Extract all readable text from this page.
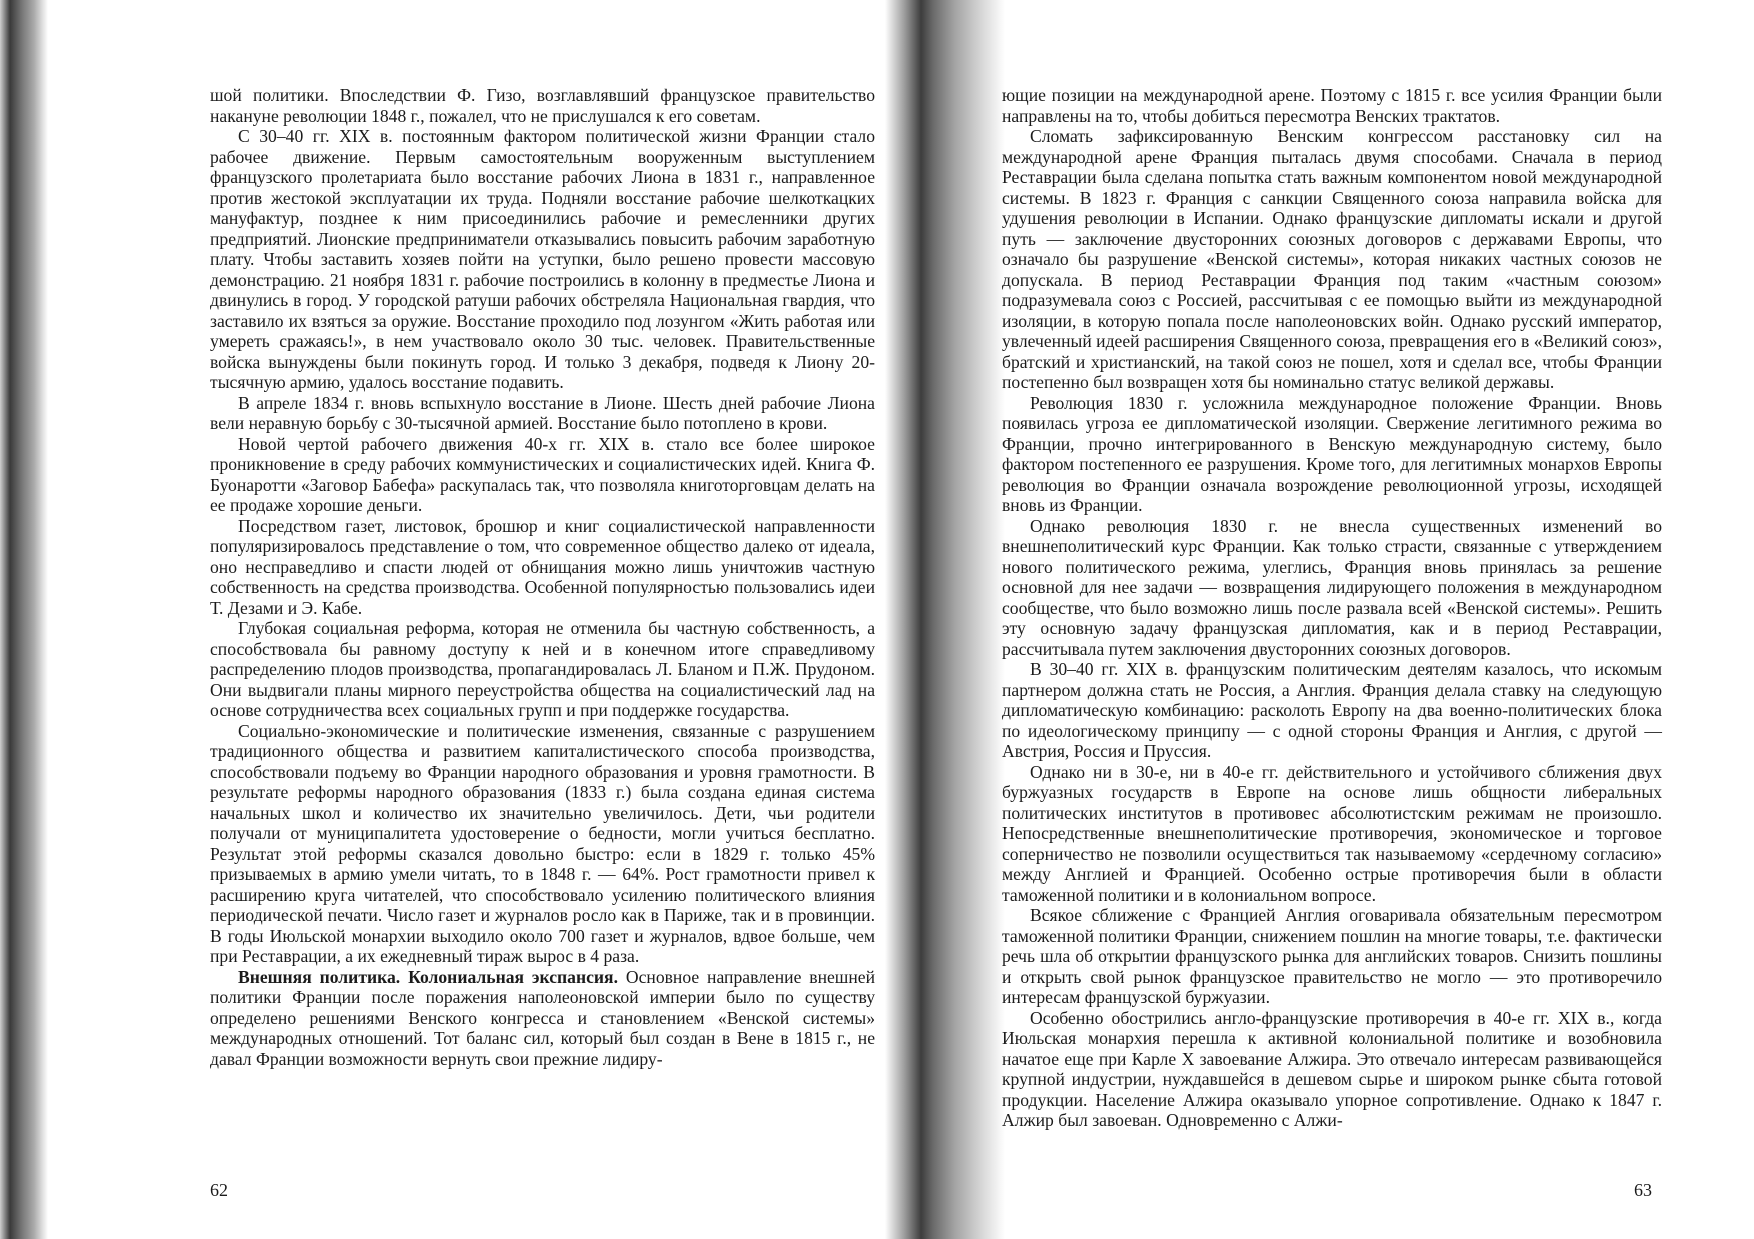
шой политики. Впоследствии Ф. Гизо, возглавлявший французское правительство накануне революции 1848 г., пожалел, что не прислушался к его советам.

С 30–40 гг. XIX в. постоянным фактором политической жизни Франции стало рабочее движение. Первым самостоятельным вооруженным выступлением французского пролетариата было восстание рабочих Лиона в 1831 г., направленное против жестокой эксплуатации их труда. Подняли восстание рабочие шелкоткацких мануфактур, позднее к ним присоединились рабочие и ремесленники других предприятий. Лионские предприниматели отказывались повысить рабочим заработную плату. Чтобы заставить хозяев пойти на уступки, было решено провести массовую демонстрацию. 21 ноября 1831 г. рабочие построились в колонну в предместье Лиона и двинулись в город. У городской ратуши рабочих обстреляла Национальная гвардия, что заставило их взяться за оружие. Восстание проходило под лозунгом «Жить работая или умереть сражаясь!», в нем участвовало около 30 тыс. человек. Правительственные войска вынуждены были покинуть город. И только 3 декабря, подведя к Лиону 20-тысячную армию, удалось восстание подавить.

В апреле 1834 г. вновь вспыхнуло восстание в Лионе. Шесть дней рабочие Лиона вели неравную борьбу с 30-тысячной армией. Восстание было потоплено в крови.

Новой чертой рабочего движения 40-х гг. XIX в. стало все более широкое проникновение в среду рабочих коммунистических и социалистических идей. Книга Ф. Буонаротти «Заговор Бабефа» раскупалась так, что позволяла книготорговцам делать на ее продаже хорошие деньги.

Посредством газет, листовок, брошюр и книг социалистической направленности популяризировалось представление о том, что современное общество далеко от идеала, оно несправедливо и спасти людей от обнищания можно лишь уничтожив частную собственность на средства производства. Особенной популярностью пользовались идеи Т. Дезами и Э. Кабе.

Глубокая социальная реформа, которая не отменила бы частную собственность, а способствовала бы равному доступу к ней и в конечном итоге справедливому распределению плодов производства, пропагандировалась Л. Бланом и П.Ж. Прудоном. Они выдвигали планы мирного переустройства общества на социалистический лад на основе сотрудничества всех социальных групп и при поддержке государства.

Социально-экономические и политические изменения, связанные с разрушением традиционного общества и развитием капиталистического способа производства, способствовали подъему во Франции народного образования и уровня грамотности. В результате реформы народного образования (1833 г.) была создана единая система начальных школ и количество их значительно увеличилось. Дети, чьи родители получали от муниципалитета удостоверение о бедности, могли учиться бесплатно. Результат этой реформы сказался довольно быстро: если в 1829 г. только 45% призываемых в армию умели читать, то в 1848 г. — 64%. Рост грамотности привел к расширению круга читателей, что способствовало усилению политического влияния периодической печати. Число газет и журналов росло как в Париже, так и в провинции. В годы Июльской монархии выходило около 700 газет и журналов, вдвое больше, чем при Реставрации, а их ежедневный тираж вырос в 4 раза.

Внешняя политика. Колониальная экспансия. Основное направление внешней политики Франции после поражения наполеоновской империи было по существу определено решениями Венского конгресса и становлением «Венской системы» международных отношений. Тот баланс сил, который был создан в Вене в 1815 г., не давал Франции возможности вернуть свои прежние лидиру-

62

ющие позиции на международной арене. Поэтому с 1815 г. все усилия Франции были направлены на то, чтобы добиться пересмотра Венских трактатов.

Сломать зафиксированную Венским конгрессом расстановку сил на международной арене Франция пыталась двумя способами. Сначала в период Реставрации была сделана попытка стать важным компонентом новой международной системы. В 1823 г. Франция с санкции Священного союза направила войска для удушения революции в Испании. Однако французские дипломаты искали и другой путь — заключение двусторонних союзных договоров с державами Европы, что означало бы разрушение «Венской системы», которая никаких частных союзов не допускала. В период Реставрации Франция под таким «частным союзом» подразумевала союз с Россией, рассчитывая с ее помощью выйти из международной изоляции, в которую попала после наполеоновских войн. Однако русский император, увлеченный идеей расширения Священного союза, превращения его в «Великий союз», братский и христианский, на такой союз не пошел, хотя и сделал все, чтобы Франции постепенно был возвращен хотя бы номинально статус великой державы.

Революция 1830 г. усложнила международное положение Франции. Вновь появилась угроза ее дипломатической изоляции. Свержение легитимного режима во Франции, прочно интегрированного в Венскую международную систему, было фактором постепенного ее разрушения. Кроме того, для легитимных монархов Европы революция во Франции означала возрождение революционной угрозы, исходящей вновь из Франции.

Однако революция 1830 г. не внесла существенных изменений во внешнеполитический курс Франции. Как только страсти, связанные с утверждением нового политического режима, улеглись, Франция вновь принялась за решение основной для нее задачи — возвращения лидирующего положения в международном сообществе, что было возможно лишь после развала всей «Венской системы». Решить эту основную задачу французская дипломатия, как и в период Реставрации, рассчитывала путем заключения двусторонних союзных договоров.

В 30–40 гг. XIX в. французским политическим деятелям казалось, что искомым партнером должна стать не Россия, а Англия. Франция делала ставку на следующую дипломатическую комбинацию: расколоть Европу на два военно-политических блока по идеологическому принципу — с одной стороны Франция и Англия, с другой — Австрия, Россия и Пруссия.

Однако ни в 30-е, ни в 40-е гг. действительного и устойчивого сближения двух буржуазных государств в Европе на основе лишь общности либеральных политических институтов в противовес абсолютистским режимам не произошло. Непосредственные внешнеполитические противоречия, экономическое и торговое соперничество не позволили осуществиться так называемому «сердечному согласию» между Англией и Францией. Особенно острые противоречия были в области таможенной политики и в колониальном вопросе.

Всякое сближение с Францией Англия оговаривала обязательным пересмотром таможенной политики Франции, снижением пошлин на многие товары, т.е. фактически речь шла об открытии французского рынка для английских товаров. Снизить пошлины и открыть свой рынок французское правительство не могло — это противоречило интересам французской буржуазии.

Особенно обострились англо-французские противоречия в 40-е гг. XIX в., когда Июльская монархия перешла к активной колониальной политике и возобновила начатое еще при Карле X завоевание Алжира. Это отвечало интересам развивающейся крупной индустрии, нуждавшейся в дешевом сырье и широком рынке сбыта готовой продукции. Население Алжира оказывало упорное сопротивление. Однако к 1847 г. Алжир был завоеван. Одновременно с Алжи-

63
